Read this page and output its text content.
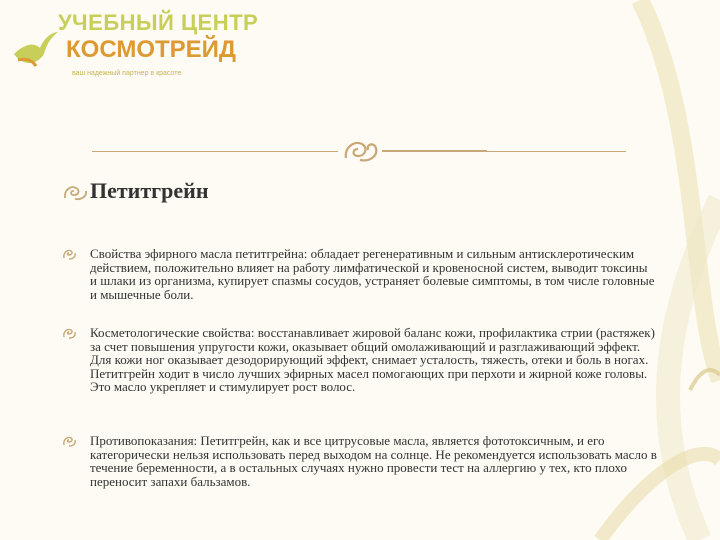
УЧЕБНЫЙ ЦЕНТР
КОСМОТРЕЙД
ваш надежный партнер в красоте
Петитгрейн
Свойства эфирного масла петитгрейна: обладает регенеративным и сильным антисклеротическим действием, положительно влияет на работу лимфатической и кровеносной систем, выводит токсины и шлаки из организма, купирует спазмы сосудов, устраняет болевые симптомы, в том числе головные и мышечные боли.
Косметологические свойства: восстанавливает жировой баланс кожи, профилактика стрии (растяжек) за счет повышения упругости кожи, оказывает общий омолаживающий и разглаживающий эффект. Для кожи ног оказывает дезодорирующий эффект, снимает усталость, тяжесть, отеки и боль в ногах. Петитгрейн ходит в число лучших эфирных масел помогающих при перхоти и жирной коже головы. Это масло укрепляет и стимулирует рост волос.
Противопоказания: Петитгрейн, как и все цитрусовые масла, является фототоксичным, и его категорически нельзя использовать перед выходом на солнце. Не рекомендуется использовать масло в течение беременности, а в остальных случаях нужно провести тест на аллергию у тех, кто плохо переносит запахи бальзамов.
